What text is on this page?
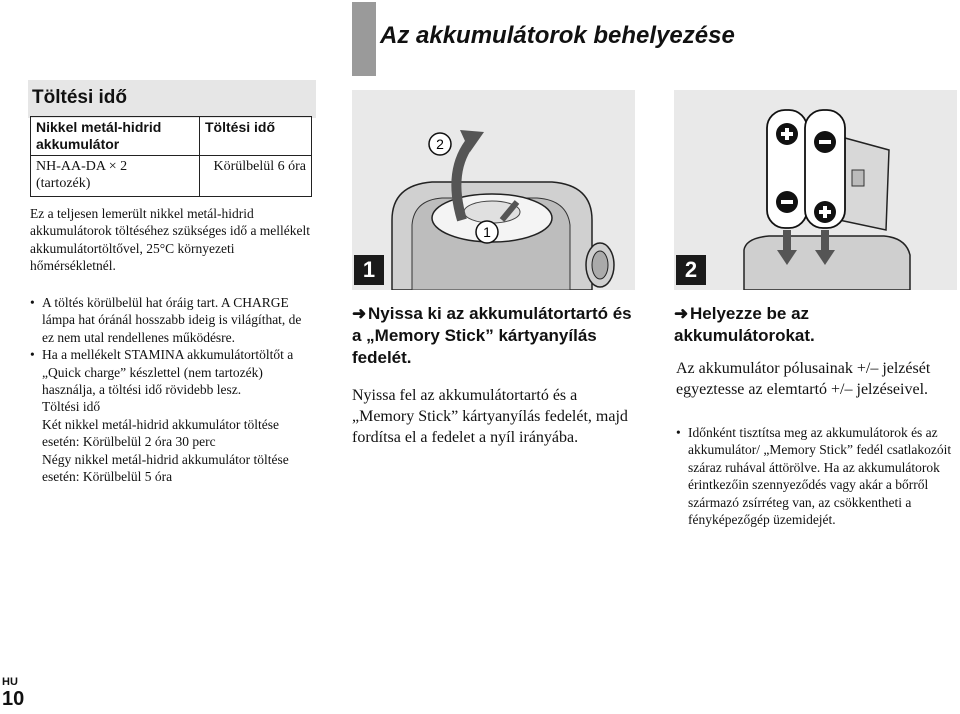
Az akkumulátorok behelyezése
Töltési idő
Nikkel metál-hidrid akkumulátor	Töltési idő
NH-AA-DA × 2
(tartozék)	Körülbelül 6 óra
Ez a teljesen lemerült nikkel metál-hidrid akkumulátorok töltéséhez szükséges idő a mellékelt akkumulátortöltővel, 25°C környezeti hőmérsékletnél.
• A töltés körülbelül hat óráig tart. A CHARGE lámpa hat óránál hosszabb ideig is világíthat, de ez nem utal rendellenes működésre.
• Ha a mellékelt STAMINA akkumulátortöltőt a „Quick charge” készlettel (nem tartozék) használja, a töltési idő rövidebb lesz.
Töltési idő
Két nikkel metál-hidrid akkumulátor töltése esetén: Körülbelül 2 óra 30 perc
Négy nikkel metál-hidrid akkumulátor töltése esetén: Körülbelül 5 óra
2
1
1	2
➜ Nyissa ki az akkumulátortartó és a „Memory Stick” kártyanyílás fedelét.
Nyissa fel az akkumulátortartó és a „Memory Stick” kártyanyílás fedelét, majd fordítsa el a fedelet a nyíl irányába.
➜ Helyezze be az akkumulátorokat.
Az akkumulátor pólusainak +/– jelzését egyeztesse az elemtartó +/– jelzéseivel.
• Időnként tisztítsa meg az akkumulátorok és az akkumulátor/ „Memory Stick” fedél csatlakozóit száraz ruhával áttörölve. Ha az akkumulátorok érintkezőin szennyeződés vagy akár a bőrről származó zsírréteg van, az csökkentheti a fényképezőgép üzemidejét.
HU
10
